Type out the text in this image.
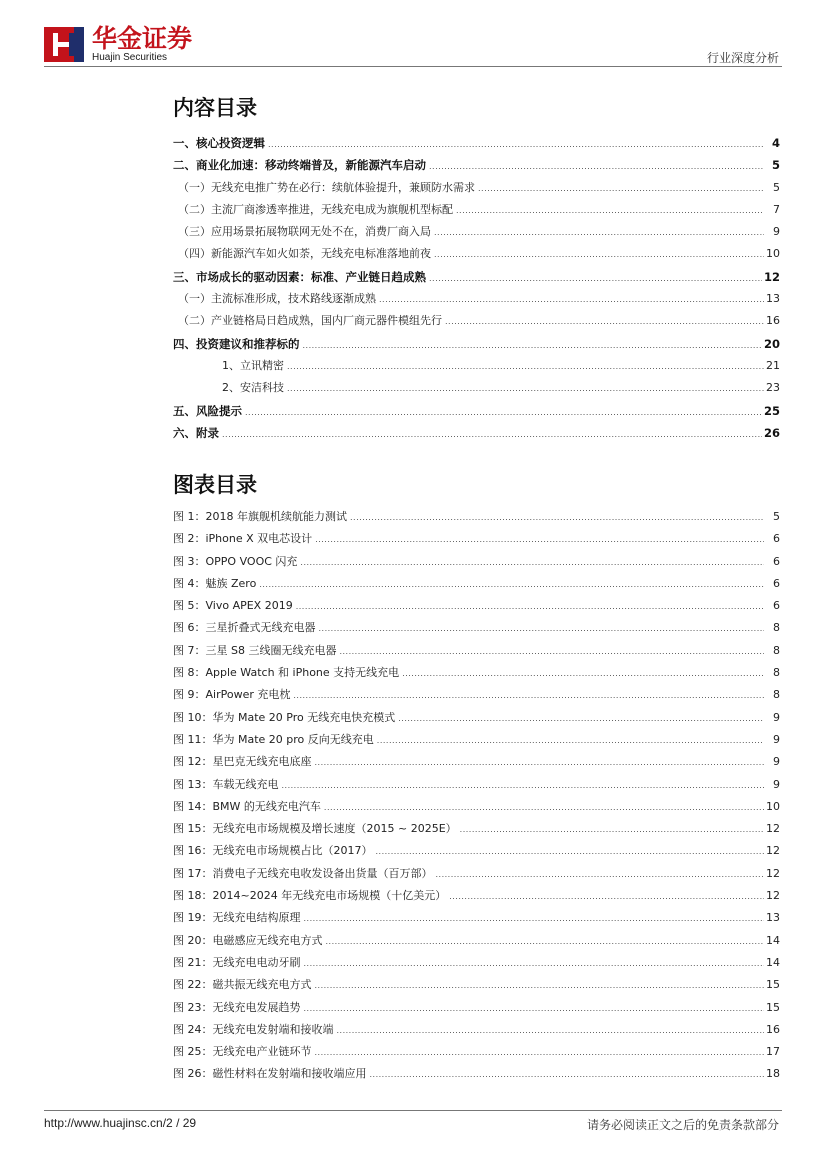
华金证券
Huajin Securities	行业深度分析
内容目录
一、核心投资逻辑 .....	4
二、商业化加速：移动终端普及，新能源汽车启动 .....	5
（一）无线充电推广势在必行：续航体验提升，兼顾防水需求 .....	5
（二）主流厂商渗透率推进，无线充电成为旗舰机型标配 .....	7
（三）应用场景拓展物联网无处不在，消费厂商入局 .....	9
（四）新能源汽车如火如荼，无线充电标准落地前夜 .....	10
三、市场成长的驱动因素：标准、产业链日趋成熟 .....	12
（一）主流标准形成，技术路线逐渐成熟 .....	13
（二）产业链格局日趋成熟，国内厂商元器件模组先行 .....	16
四、投资建议和推荐标的 .....	20
1、立讯精密 .....	21
2、安洁科技 .....	23
五、风险提示 .....	25
六、附录 .....	26
图表目录
图 1：2018 年旗舰机续航能力测试 .....	5
图 2：iPhone X 双电芯设计 .....	6
图 3：OPPO VOOC 闪充 .....	6
图 4：魅族 Zero .....	6
图 5：Vivo APEX 2019 .....	6
图 6：三星折叠式无线充电器 .....	8
图 7：三星 S8 三线圈无线充电器 .....	8
图 8：Apple Watch 和 iPhone 支持无线充电 .....	8
图 9：AirPower 充电枕 .....	8
图 10：华为 Mate 20 Pro 无线充电快充模式 .....	9
图 11：华为 Mate 20 pro 反向无线充电 .....	9
图 12：星巴克无线充电底座 .....	9
图 13：车载无线充电 .....	9
图 14：BMW 的无线充电汽车 .....	10
图 15：无线充电市场规模及增长速度（2015 ~ 2025E） .....	12
图 16：无线充电市场规模占比（2017） .....	12
图 17：消费电子无线充电收发设备出货量（百万部） .....	12
图 18：2014~2024 年无线充电市场规模（十亿美元） .....	12
图 19：无线充电结构原理 .....	13
图 20：电磁感应无线充电方式 .....	14
图 21：无线充电电动牙刷 .....	14
图 22：磁共振无线充电方式 .....	15
图 23：无线充电发展趋势 .....	15
图 24：无线充电发射端和接收端 .....	16
图 25：无线充电产业链环节 .....	17
图 26：磁性材料在发射端和接收端应用 .....	18
http://www.huajinsc.cn/2 / 29	请务必阅读正文之后的免责条款部分
